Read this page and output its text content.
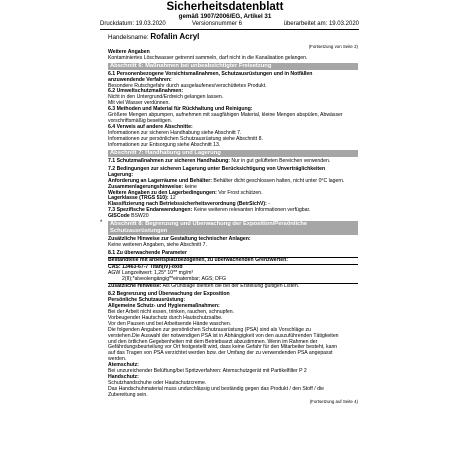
Sicherheitsdatenblatt
gemäß 1907/2006/EG, Artikel 31
Druckdatum: 19.03.2020	Versionsnummer 6	überarbeitet am: 19.03.2020
Handelsname: Rofalin Acryl
(Fortsetzung von Seite 2)
Weitere Angaben
Kontaminiertes Löschwasser getrennt sammeln, darf nicht in die Kanalisation gelangen.
Abschnitt 6: Maßnahmen bei unbeabsichtigter Freisetzung
6.1 Personenbezogene Vorsichtsmaßnahmen, Schutzausrüstungen und in Notfällen
anzuwendende Verfahren:
Besondere Rutschgefahr durch ausgelaufenes/verschüttetes Produkt.
6.2 Umweltschutzmaßnahmen:
Nicht in den Untergrund/Erdreich gelangen lassen.
Mit viel Wasser verdünnen.
6.3 Methoden und Material für Rückhaltung und Reinigung:
Größere Mengen abpumpen, aufnehmen mit saugfähigen Material, kleine Mengen abspülen, Abwässer
vorschriftsmäßig beseitigen.
6.4 Verweis auf andere Abschnitte:
Informationen zur sicheren Handhabung siehe Abschnitt 7.
Informationen zur persönlichen Schutzausrüstung siehe Abschnitt 8.
Informationen zur Entsorgung siehe Abschnitt 13.
Abschnitt 7: Handhabung und Lagerung
7.1 Schutzmaßnahmen zur sicheren Handhabung: Nur in gut gelüfteten Bereichen verwenden.
7.2 Bedingungen zur sicheren Lagerung unter Berücksichtigung von Unverträglichkeiten
Lagerung:
Anforderung an Lagerräume und Behälter: Behälter dicht geschlossen halten, nicht unter 0°C lagern.
Zusammenlagerungshinweise: keine
Weitere Angaben zu den Lagerbedingungen: Vor Frost schützen.
Lagerklasse (TRGS 510): 12
Klassifizierung nach Betriebssicherheitsverordnung (BetrSichV): -
7.3 Spezifische Endanwendungen: Keine weiteren relevanten Informationen verfügbar.
GISCode BSW20
* Abschnitt 8: Begrenzung und Überwachung der Exposition/Persönliche
Schutzausrüstungen
Zusätzliche Hinweise zur Gestaltung technischer Anlagen:
Keine weiteren Angaben, siehe Abschnitt 7.
8.1 Zu überwachende Parameter
Bestandteile mit arbeitsplatzbezogenen, zu überwachenden Grenzwerten:
CAS: 13463-67-7 Titan(IV)-oxid
AGW Langzeitwert: 1,25* 10** mg/m³
2(II);*alveolengängig**einatembar; AGS; DFG
Zusätzliche Hinweise: Als Grundlage dienten die bei der Erstellung gültigen Listen.
8.2 Begrenzung und Überwachung der Exposition
Persönliche Schutzausrüstung:
Allgemeine Schutz- und Hygienemaßnahmen:
Bei der Arbeit nicht essen, trinken, rauchen, schnupfen.
Vorbeugender Hautschutz durch Hautschutzsalbe.
Vor den Pausen und bei Arbeitsende Hände waschen.
Die folgenden Angaben zur persönlichen Schutzausrüstung (PSA) sind als Vorschläge zu
verstehen.Die Auswahl der notwendigen PSA ist in Abhängigkeit von den auszuführenden Tätigkeiten
und den örtlichen Gegebenheiten mit dem Betriebsarzt abzustimmen. Wenn im Rahmen der
Gefährdungsbeurteilung vor Ort festgestellt wird, dass keine Gefahr für den Mitarbeiter besteht, kann
auf das Tragen von PSA verzichtet werden bzw. der Umfang der zu verwendenden PSA angepasst
werden.
Atemschutz:
Bei unzureichender Belüftung/bei Spritzverfahren: Atemschutzgerät mit Partikelfilter P 2
Handschutz:
Schutzhandschuhe oder Hautschutzcreme.
Das Handschuhmaterial muss undurchlässig und beständig gegen das Produkt / den Stoff / die
Zubereitung sein.
(Fortsetzung auf Seite 4)
